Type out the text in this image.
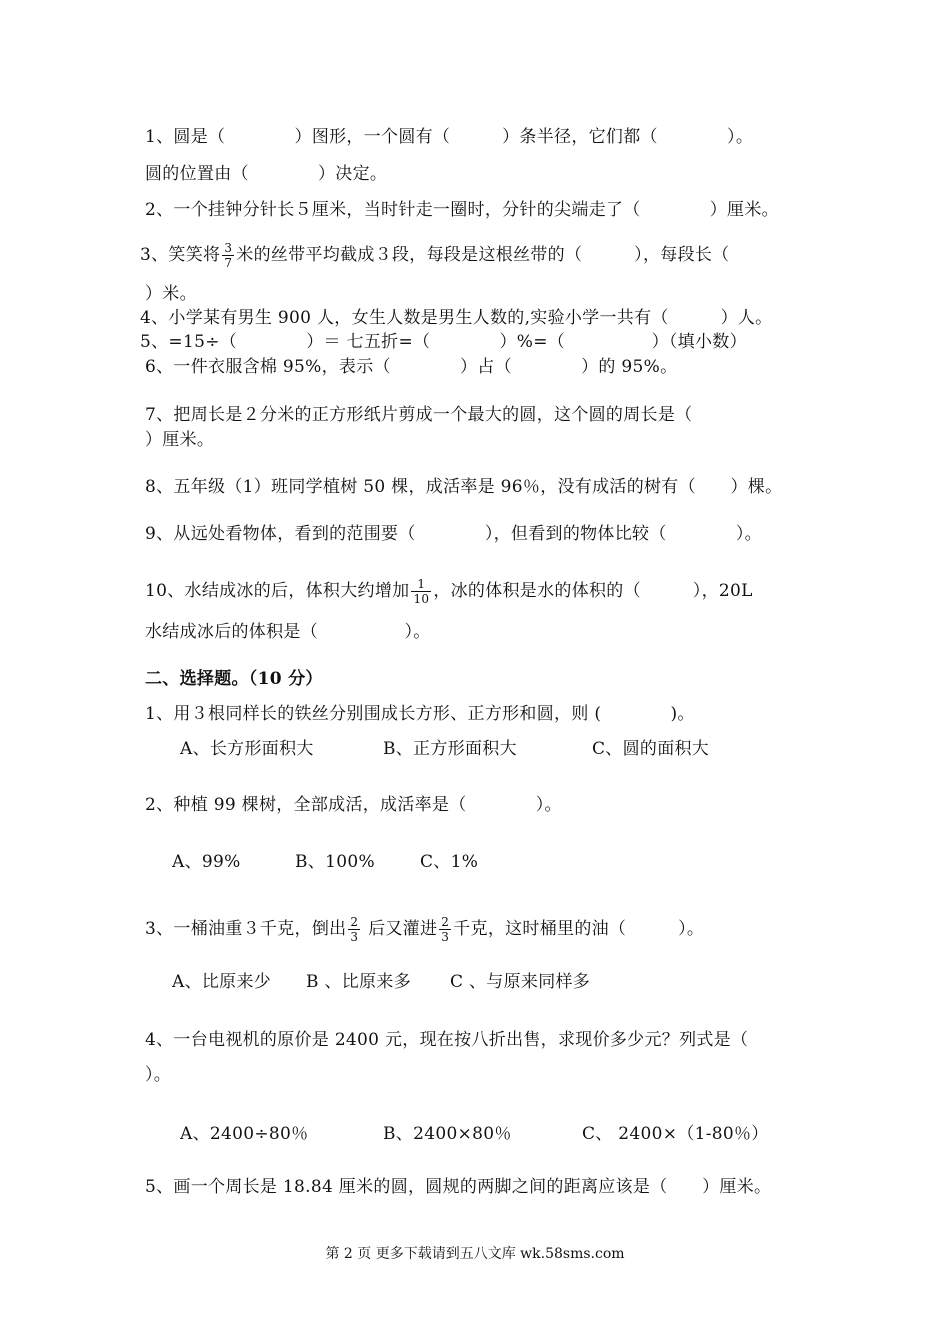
1、圆是（　　　　）图形，一个圆有（　　　）条半径，它们都（　　　　）。
圆的位置由（　　　　）决定。
2、一个挂钟分针长５厘米，当时针走一圈时，分针的尖端走了（　　　　）厘米。
3、笑笑将 $\frac{3}{7}$ 米的丝带平均截成３段，每段是这根丝带的（　　　），每段长（
）米。
4、小学某有男生 900 人，女生人数是男生人数的,实验小学一共有（　　　）人。
5、=15÷（　　　　）＝ 七五折=（　　　　）%=（　　　　　）（填小数）
6、一件衣服含棉 95%，表示（　　　　）占（　　　　）的 95%。
7、把周长是２分米的正方形纸片剪成一个最大的圆，这个圆的周长是（
）厘米。
8、五年级（1）班同学植树 50 棵，成活率是 96％，没有成活的树有（　　）棵。
9、从远处看物体，看到的范围要（　　　　），但看到的物体比较（　　　　）。
10、水结成冰的后，体积大约增加 $\frac{1}{10}$ ，冰的体积是水的体积的（　　　），20L
水结成冰后的体积是（　　　　　）。
二、选择题。（10 分）
1、用３根同样长的铁丝分别围成长方形、正方形和圆，则 (　　　　)。
A、长方形面积大	B、正方形面积大	C、圆的面积大
2、种植 99 棵树，全部成活，成活率是（　　　　）。
A、99%	B、100%	C、1%
3、一桶油重３千克，倒出 $\frac{2}{3}$ 后又灌进 $\frac{2}{3}$ 千克，这时桶里的油（　　　）。
A、比原来少 B 、比原来多 C 、与原来同样多
4、一台电视机的原价是 2400 元，现在按八折出售，求现价多少元？列式是（
）。
A、2400÷80％	B、2400×80％	C、 2400×（1-80％）
5、画一个周长是 18.84 厘米的圆，圆规的两脚之间的距离应该是（　　）厘米。
第 2 页 更多下载请到五八文库 wk.58sms.com
